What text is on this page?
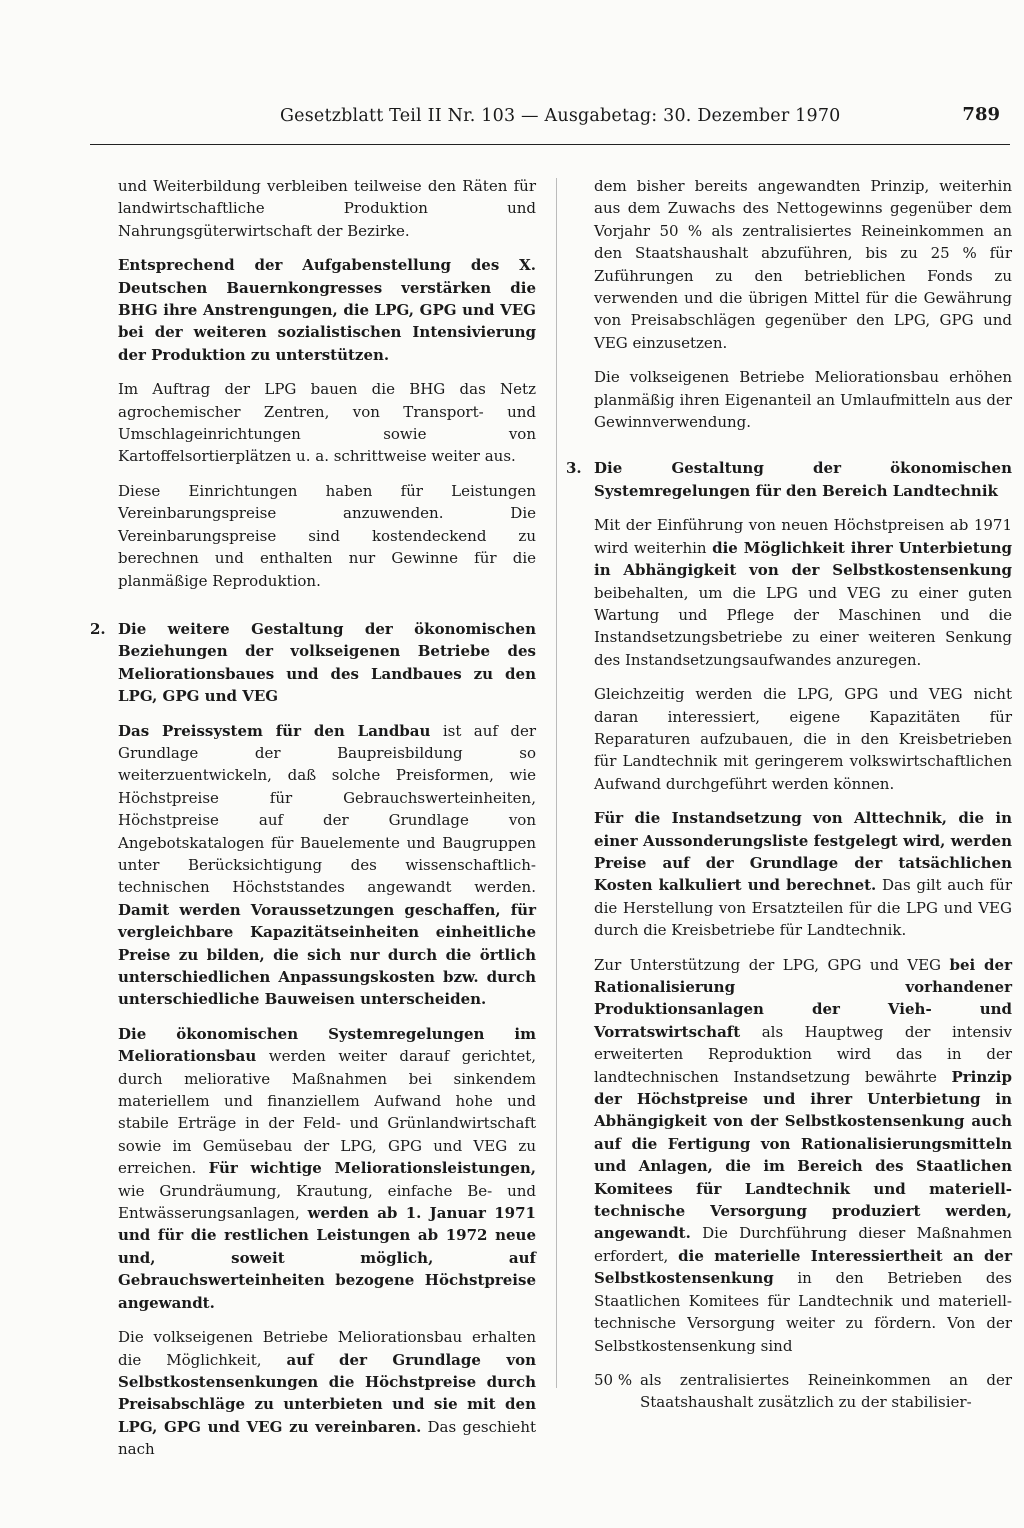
Gesetzblatt Teil II Nr. 103 — Ausgabetag: 30. Dezember 1970	789

und Weiterbildung verbleiben teilweise den Räten für landwirtschaftliche Produktion und Nahrungsgüterwirtschaft der Bezirke.

Entsprechend der Aufgabenstellung des X. Deutschen Bauernkongresses verstärken die BHG ihre Anstrengungen, die LPG, GPG und VEG bei der weiteren sozialistischen Intensivierung der Produktion zu unterstützen.

Im Auftrag der LPG bauen die BHG das Netz agrochemischer Zentren, von Transport- und Umschlageinrichtungen sowie von Kartoffelsortierplätzen u. a. schrittweise weiter aus.

Diese Einrichtungen haben für Leistungen Vereinbarungspreise anzuwenden. Die Vereinbarungspreise sind kostendeckend zu berechnen und enthalten nur Gewinne für die planmäßige Reproduktion.

2. Die weitere Gestaltung der ökonomischen Beziehungen der volkseigenen Betriebe des Meliorationsbaues und des Landbaues zu den LPG, GPG und VEG

Das Preissystem für den Landbau ist auf der Grundlage der Baupreisbildung so weiterzuentwickeln, daß solche Preisformen, wie Höchstpreise für Gebrauchswerteinheiten, Höchstpreise auf der Grundlage von Angebotskatalogen für Bauelemente und Baugruppen unter Berücksichtigung des wissenschaftlich-technischen Höchststandes angewandt werden. Damit werden Voraussetzungen geschaffen, für vergleichbare Kapazitätseinheiten einheitliche Preise zu bilden, die sich nur durch die örtlich unterschiedlichen Anpassungskosten bzw. durch unterschiedliche Bauweisen unterscheiden.

Die ökonomischen Systemregelungen im Meliorationsbau werden weiter darauf gerichtet, durch meliorative Maßnahmen bei sinkendem materiellem und finanziellem Aufwand hohe und stabile Erträge in der Feld- und Grünlandwirtschaft sowie im Gemüsebau der LPG, GPG und VEG zu erreichen. Für wichtige Meliorationsleistungen, wie Grundräumung, Krautung, einfache Be- und Entwässerungsanlagen, werden ab 1. Januar 1971 und für die restlichen Leistungen ab 1972 neue und, soweit möglich, auf Gebrauchswerteinheiten bezogene Höchstpreise angewandt.

Die volkseigenen Betriebe Meliorationsbau erhalten die Möglichkeit, auf der Grundlage von Selbstkostensenkungen die Höchstpreise durch Preisabschläge zu unterbieten und sie mit den LPG, GPG und VEG zu vereinbaren. Das geschieht nach

dem bisher bereits angewandten Prinzip, weiterhin aus dem Zuwachs des Nettogewinns gegenüber dem Vorjahr 50 % als zentralisiertes Reineinkommen an den Staatshaushalt abzuführen, bis zu 25 % für Zuführungen zu den betrieblichen Fonds zu verwenden und die übrigen Mittel für die Gewährung von Preisabschlägen gegenüber den LPG, GPG und VEG einzusetzen.

Die volkseigenen Betriebe Meliorationsbau erhöhen planmäßig ihren Eigenanteil an Umlaufmitteln aus der Gewinnverwendung.

3. Die Gestaltung der ökonomischen Systemregelungen für den Bereich Landtechnik

Mit der Einführung von neuen Höchstpreisen ab 1971 wird weiterhin die Möglichkeit ihrer Unterbietung in Abhängigkeit von der Selbstkostensenkung beibehalten, um die LPG und VEG zu einer guten Wartung und Pflege der Maschinen und die Instandsetzungsbetriebe zu einer weiteren Senkung des Instandsetzungsaufwandes anzuregen.

Gleichzeitig werden die LPG, GPG und VEG nicht daran interessiert, eigene Kapazitäten für Reparaturen aufzubauen, die in den Kreisbetrieben für Landtechnik mit geringerem volkswirtschaftlichen Aufwand durchgeführt werden können.

Für die Instandsetzung von Alttechnik, die in einer Aussonderungsliste festgelegt wird, werden Preise auf der Grundlage der tatsächlichen Kosten kalkuliert und berechnet. Das gilt auch für die Herstellung von Ersatzteilen für die LPG und VEG durch die Kreisbetriebe für Landtechnik.

Zur Unterstützung der LPG, GPG und VEG bei der Rationalisierung vorhandener Produktionsanlagen der Vieh- und Vorratswirtschaft als Hauptweg der intensiv erweiterten Reproduktion wird das in der landtechnischen Instandsetzung bewährte Prinzip der Höchstpreise und ihrer Unterbietung in Abhängigkeit von der Selbstkostensenkung auch auf die Fertigung von Rationalisierungsmitteln und Anlagen, die im Bereich des Staatlichen Komitees für Landtechnik und materiell-technische Versorgung produziert werden, angewandt. Die Durchführung dieser Maßnahmen erfordert, die materielle Interessiertheit an der Selbstkostensenkung in den Betrieben des Staatlichen Komitees für Landtechnik und materiell-technische Versorgung weiter zu fördern. Von der Selbstkostensenkung sind

50 % als zentralisiertes Reineinkommen an der Staatshaushalt zusätzlich zu der stabilisier-
